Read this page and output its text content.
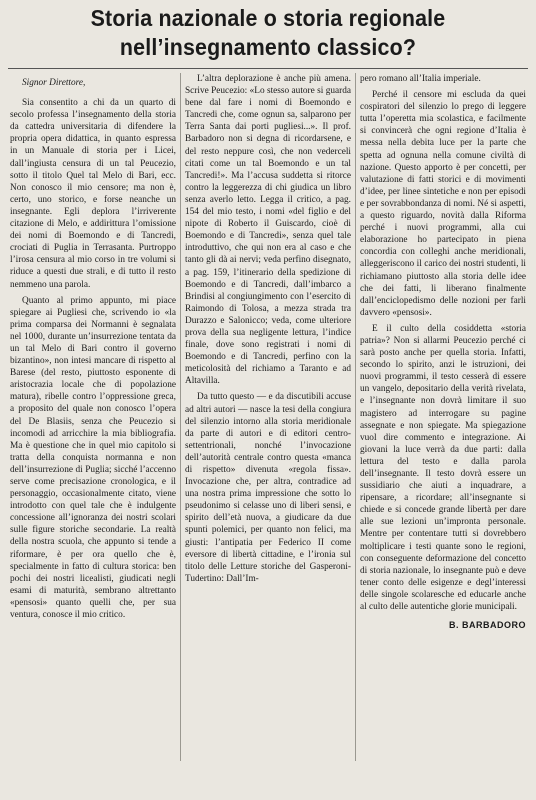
Storia nazionale o storia regionale
nell’insegnamento classico?

Signor Direttore,

Sia consentito a chi da un quarto di secolo professa l’insegnamento della storia da cattedra universitaria di difendere la propria opera didattica, in quanto espressa in un Manuale di storia per i Licei, dall’ingiusta censura di un tal Peucezio, sotto il titolo Quel tal Melo di Bari, ecc. Non conosco il mio censore; ma non è, certo, uno storico, e forse neanche un insegnante. Egli deplora l’irriverente citazione di Melo, e addirittura l’omissione dei nomi di Boemondo e di Tancredi, crociati di Puglia in Terrasanta. Purtroppo l’irosa censura al mio corso in tre volumi si riduce a questi due strali, e di tutto il resto nemmeno una parola.

Quanto al primo appunto, mi piace spiegare ai Pugliesi che, scrivendo io «la prima comparsa dei Normanni è segnalata nel 1000, durante un’insurrezione tentata da un tal Melo di Bari contro il governo bizantino», non intesi mancare di rispetto al Barese (del resto, piuttosto esponente di aristocrazia locale che di popolazione matura), ribelle contro l’oppressione greca, a proposito del quale non conosco l’opera del De Blasiis, senza che Peucezio si incomodi ad arricchire la mia bibliografia. Ma è questione che in quel mio capitolo si tratta della conquista normanna e non dell’insurrezione di Puglia; sicché l’accenno serve come precisazione cronologica, e il personaggio, occasionalmente citato, viene introdotto con quel tale che è indulgente concessione all’ignoranza dei nostri scolari sulle figure storiche secondarie. La realtà della nostra scuola, che appunto si tende a riformare, è per ora quello che è, specialmente in fatto di cultura storica: ben pochi dei nostri licealisti, giudicati negli esami di maturità, sembrano altrettanto «pensosi» quanto quelli che, per sua ventura, conosce il mio critico.

L’altra deplorazione è anche più amena. Scrive Peucezio: «Lo stesso autore si guarda bene dal fare i nomi di Boemondo e Tancredi che, come ognun sa, salparono per Terra Santa dai porti pugliesi...». Il prof. Barbadoro non si degna di ricordarsene, e del resto neppure così, che non vederceli citati come un tal Boemondo e un tal Tancredi!». Ma l’accusa suddetta si ritorce contro la leggerezza di chi giudica un libro senza averlo letto. Legga il critico, a pag. 154 del mio testo, i nomi «del figlio e del nipote di Roberto il Guiscardo, cioè di Boemondo e di Tancredi», senza quel tale introduttivo, che qui non era al caso e che tanto gli dà ai nervi; veda perfino disegnato, a pag. 159, l’itinerario della spedizione di Boemondo e di Tancredi, dall’imbarco a Brindisi al congiungimento con l’esercito di Raimondo di Tolosa, a mezza strada tra Durazzo e Salonicco; veda, come ulteriore prova della sua negligente lettura, l’indice finale, dove sono registrati i nomi di Boemondo e di Tancredi, perfino con la meticolosità del richiamo a Taranto e ad Altavilla.

Da tutto questo — e da discutibili accuse ad altri autori — nasce la tesi della congiura del silenzio intorno alla storia meridionale da parte di autori e di editori centro-settentrionali, nonché l’invocazione dell’autorità centrale contro questa «manca di rispetto» divenuta «regola fissa». Invocazione che, per altra, contradice ad una nostra prima impressione che sotto lo pseudonimo si celasse uno di liberi sensi, e spirito dell’età nuova, a giudicare da due spunti polemici, per quanto non felici, ma giusti: l’antipatia per Federico II come eversore di libertà cittadine, e l’ironia sul titolo delle Letture storiche del Gasperoni-Tudertino: Dall’Im-

pero romano all’Italia imperiale.

Perché il censore mi escluda da quei cospiratori del silenzio lo prego di leggere tutta l’operetta mia scolastica, e facilmente si convincerà che ogni regione d’Italia è messa nella debita luce per la parte che spetta ad ognuna nella comune civiltà di nazione. Questo apporto è per concetti, per valutazione di fatti storici e di movimenti d’idee, per linee sintetiche e non per episodi e per sovrabbondanza di nomi. Né si aspetti, a questo riguardo, novità dalla Riforma perché i nuovi programmi, alla cui elaborazione ho partecipato in piena concordia con colleghi anche meridionali, alleggeriscono il carico dei nostri studenti, li richiamano piuttosto alla storia delle idee che dei fatti, li liberano finalmente dall’enciclopedismo delle nozioni per farli davvero «pensosi».

E il culto della cosiddetta «storia patria»? Non si allarmi Peucezio perché ci sarà posto anche per quella storia. Infatti, secondo lo spirito, anzi le istruzioni, dei nuovi programmi, il testo cesserà di essere un vangelo, depositario della verità rivelata, e l’insegnante non dovrà limitare il suo magistero ad interrogare su pagine assegnate e non spiegate. Ma spiegazione vuol dire commento e integrazione. Ai giovani la luce verrà da due parti: dalla lettura del testo e dalla parola dell’insegnante. Il testo dovrà essere un sussidiario che aiuti a inquadrare, a ripensare, a ricordare; all’insegnante si chiede e si concede grande libertà per dare alle sue lezioni un’impronta personale. Mentre per contentare tutti si dovrebbero moltiplicare i testi quante sono le regioni, con conseguente deformazione del concetto di storia nazionale, lo insegnante può e deve tener conto delle esigenze e degl’interessi delle singole scolaresche ed educarle anche al culto delle autentiche glorie municipali.

B. BARBADORO
